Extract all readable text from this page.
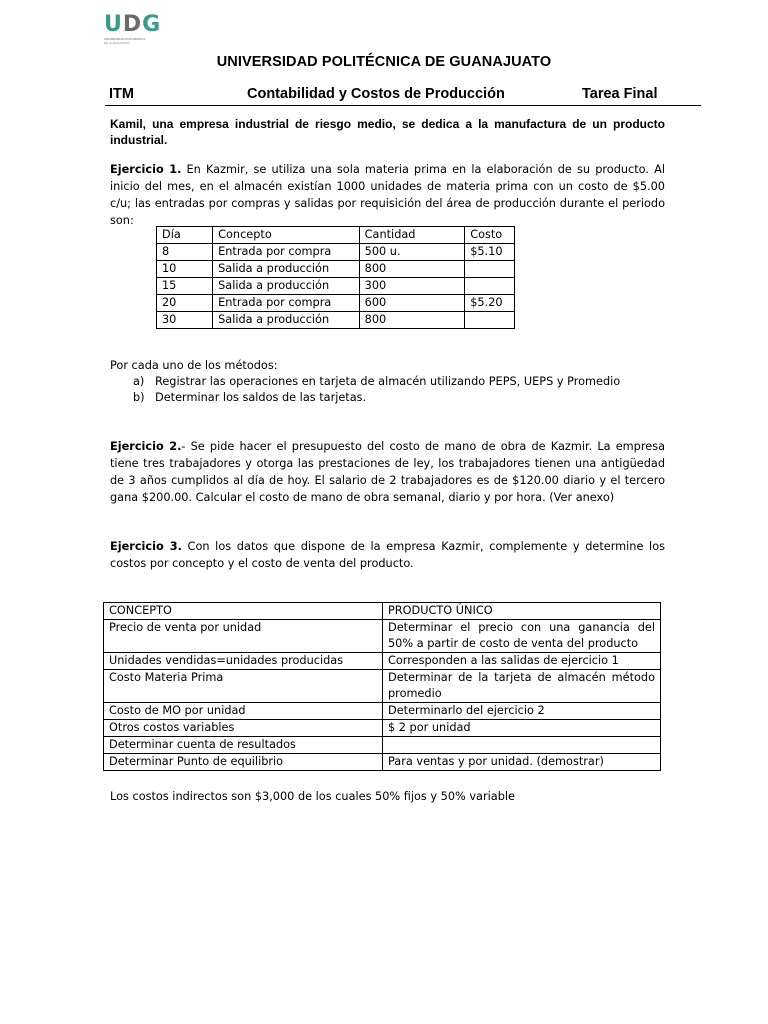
U D G
UNIVERSIDAD POLITÉCNICA
DE GUANAJUATO
UNIVERSIDAD POLITÉCNICA DE GUANAJUATO
ITM	Contabilidad y Costos de Producción	Tarea Final
Kamil, una empresa industrial de riesgo medio, se dedica a la manufactura de un producto industrial.
Ejercicio 1. En Kazmir, se utiliza una sola materia prima en la elaboración de su producto. Al inicio del mes, en el almacén existían 1000 unidades de materia prima con un costo de $5.00 c/u; las entradas por compras y salidas por requisición del área de producción durante el periodo son:
Día	Concepto	Cantidad	Costo
8	Entrada por compra	500 u.	$5.10
10	Salida a producción	800	
15	Salida a producción	300	
20	Entrada por compra	600	$5.20
30	Salida a producción	800	
Por cada uno de los métodos:
a) Registrar las operaciones en tarjeta de almacén utilizando PEPS, UEPS y Promedio
b) Determinar los saldos de las tarjetas.
Ejercicio 2.- Se pide hacer el presupuesto del costo de mano de obra de Kazmir. La empresa tiene tres trabajadores y otorga las prestaciones de ley, los trabajadores tienen una antigüedad de 3 años cumplidos al día de hoy. El salario de 2 trabajadores es de $120.00 diario y el tercero gana $200.00. Calcular el costo de mano de obra semanal, diario y por hora. (Ver anexo)
Ejercicio 3. Con los datos que dispone de la empresa Kazmir, complemente y determine los costos por concepto y el costo de venta del producto.
CONCEPTO	PRODUCTO ÚNICO
Precio de venta por unidad	Determinar el precio con una ganancia del 50% a partir de costo de venta del producto
Unidades vendidas=unidades producidas	Corresponden a las salidas de ejercicio 1
Costo Materia Prima	Determinar de la tarjeta de almacén método promedio
Costo de MO por unidad	Determinarlo del ejercicio 2
Otros costos variables	$ 2 por unidad
Determinar cuenta de resultados	
Determinar Punto de equilibrio	Para ventas y por unidad. (demostrar)
Los costos indirectos son $3,000 de los cuales 50% fijos y 50% variable
